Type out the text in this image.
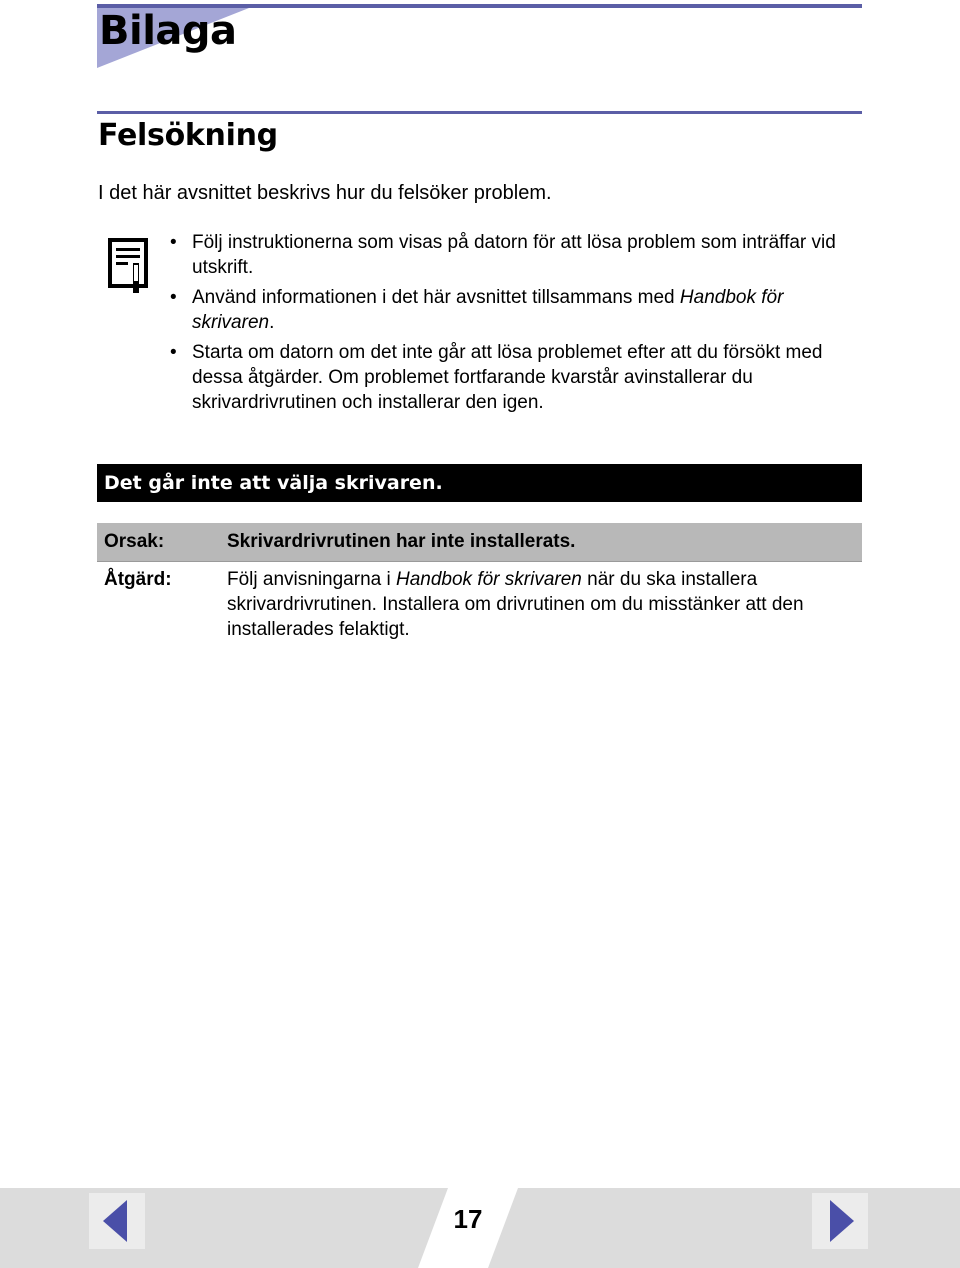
Bilaga
Felsökning

I det här avsnittet beskrivs hur du felsöker problem.

• Följ instruktionerna som visas på datorn för att lösa problem som inträffar vid utskrift.
• Använd informationen i det här avsnittet tillsammans med Handbok för skrivaren.
• Starta om datorn om det inte går att lösa problemet efter att du försökt med dessa åtgärder. Om problemet fortfarande kvarstår avinstallerar du skrivardrivrutinen och installerar den igen.
Det går inte att välja skrivaren.
Orsak:	Skrivardrivrutinen har inte installerats.
Åtgärd:	Följ anvisningarna i Handbok för skrivaren när du ska installera skrivardrivrutinen. Installera om drivrutinen om du misstänker att den installerades felaktigt.
17
